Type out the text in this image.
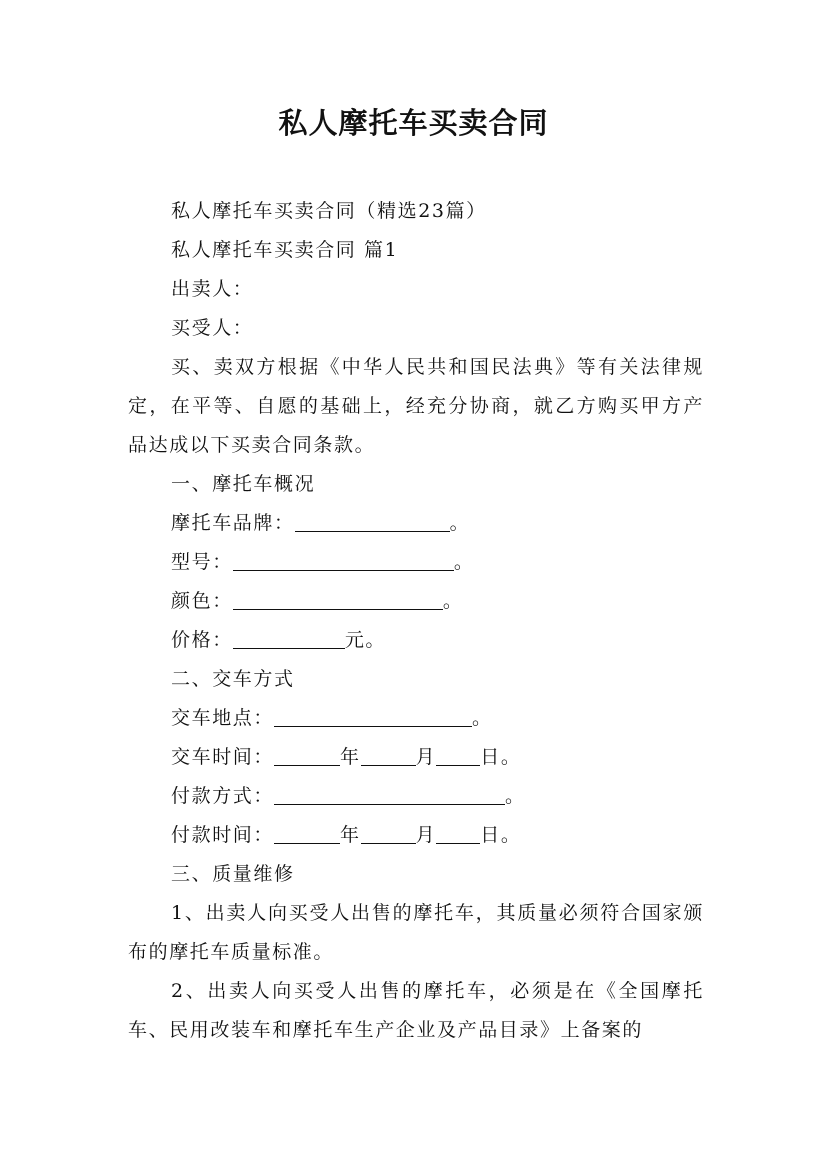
私人摩托车买卖合同

私人摩托车买卖合同（精选23篇）

私人摩托车买卖合同 篇1

出卖人：

买受人：

买、卖双方根据《中华人民共和国民法典》等有关法律规定，在平等、自愿的基础上，经充分协商，就乙方购买甲方产品达成以下买卖合同条款。

一、摩托车概况

摩托车品牌：	。

型号：	。

颜色：	。

价格：	元。

二、交车方式

交车地点：	。

交车时间：	年	月 日。

付款方式：	。

付款时间：	年	月 日。

三、质量维修

1、出卖人向买受人出售的摩托车，其质量必须符合国家颁布的摩托车质量标准。

2、出卖人向买受人出售的摩托车，必须是在《全国摩托车、民用改装车和摩托车生产企业及产品目录》上备案的
